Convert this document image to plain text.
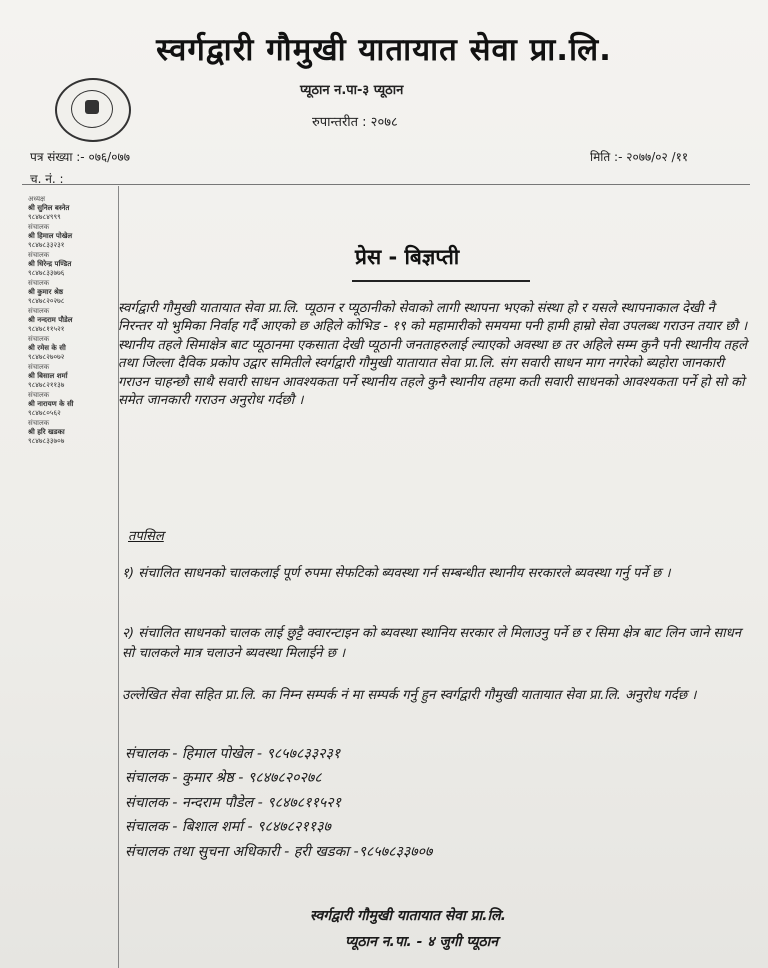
स्वर्गद्वारी गौमुखी यातायात सेवा प्रा.लि.
प्यूठान न.पा-३ प्यूठान
रुपान्तरीत : २०७८
पत्र संख्या :- ०७६/०७७	मिति :- २०७७/०२ /११
च. नं. :
अध्यक्ष
श्री सुनिल बस्नेत
९८४७८४९९९
संचालक
श्री हिमाल पोखेल
९८४७८३३२३१
संचालक
श्री धिरेन्द्र पण्डित
९८४७८३३७७६
संचालक
श्री कुमार श्रेष्ठ
९८४७८२०२७८
संचालक
श्री नन्दराम पौडेल
९८४७८११५२१
संचालक
श्री रमेस के सी
९८४७८२७०७२
संचालक
श्री बिसाल शर्मा
९८४७८२११३७
संचालक
श्री नारायण के सी
९८४७८०५६२
संचालक
श्री हरि खडका
९८४७८३३७०७
प्रेस - बिज्ञप्ती

स्वर्गद्वारी गौमुखी यातायात सेवा प्रा.लि. प्यूठान र प्यूठानीको सेवाको लागी स्थापना भएको संस्था हो र यसले स्थापनाकाल देखी नै निरन्तर यो भुमिका निर्वाह गर्दै आएको छ अहिले कोभिड - १९ को महामारीको समयमा पनी हामी हाम्रो सेवा उपलब्ध गराउन तयार छौ ।

स्थानीय तहले सिमाक्षेत्र बाट प्यूठानमा एकसाता देखी प्यूठानी जनताहरुलाई ल्याएको अवस्था छ तर अहिले सम्म कुनै पनी स्थानीय तहले तथा जिल्ला दैविक प्रकोप उद्वार समितीले स्वर्गद्वारी गौमुखी यातायात सेवा प्रा.लि. संग सवारी साधन माग नगरेको ब्यहोरा जानकारी गराउन चाहन्छौ साथै सवारी साधन आवश्यकता पर्ने स्थानीय तहले कुनै स्थानीय तहमा कती सवारी साधनको आवश्यकता पर्ने हो सो को समेत जानकारी गराउन अनुरोध गर्दछौ ।

तपसिल
१) संचालित साधनको चालकलाई पूर्ण रुपमा सेफटिको ब्यवस्था गर्न सम्बन्धीत स्थानीय सरकारले ब्यवस्था गर्नु पर्ने छ ।
२) संचालित साधनको चालक लाई छुट्टै क्वारन्टाइन को ब्यवस्था स्थानिय सरकार ले मिलाउनु पर्ने छ र सिमा क्षेत्र बाट लिन जाने साधन सो चालकले मात्र चलाउने ब्यवस्था मिलाईने छ ।
उल्लेखित सेवा सहित प्रा.लि. का निम्न सम्पर्क नं मा सम्पर्क गर्नु हुन स्वर्गद्वारी गौमुखी यातायात सेवा प्रा.लि. अनुरोध गर्दछ ।
संचालक - हिमाल पोखेल - ९८५७८३३२३१
संचालक - कुमार श्रेष्ठ - ९८४७८२०२७८
संचालक - नन्दराम पौडेल - ९८४७८११५२१
संचालक - बिशाल शर्मा - ९८४७८२११३७
संचालक तथा सुचना अधिकारी - हरी खडका -९८५७८३३७०७
स्वर्गद्वारी गौमुखी यातायात सेवा प्रा.लि.
प्यूठान न.पा. - ४ जुगी प्यूठान
